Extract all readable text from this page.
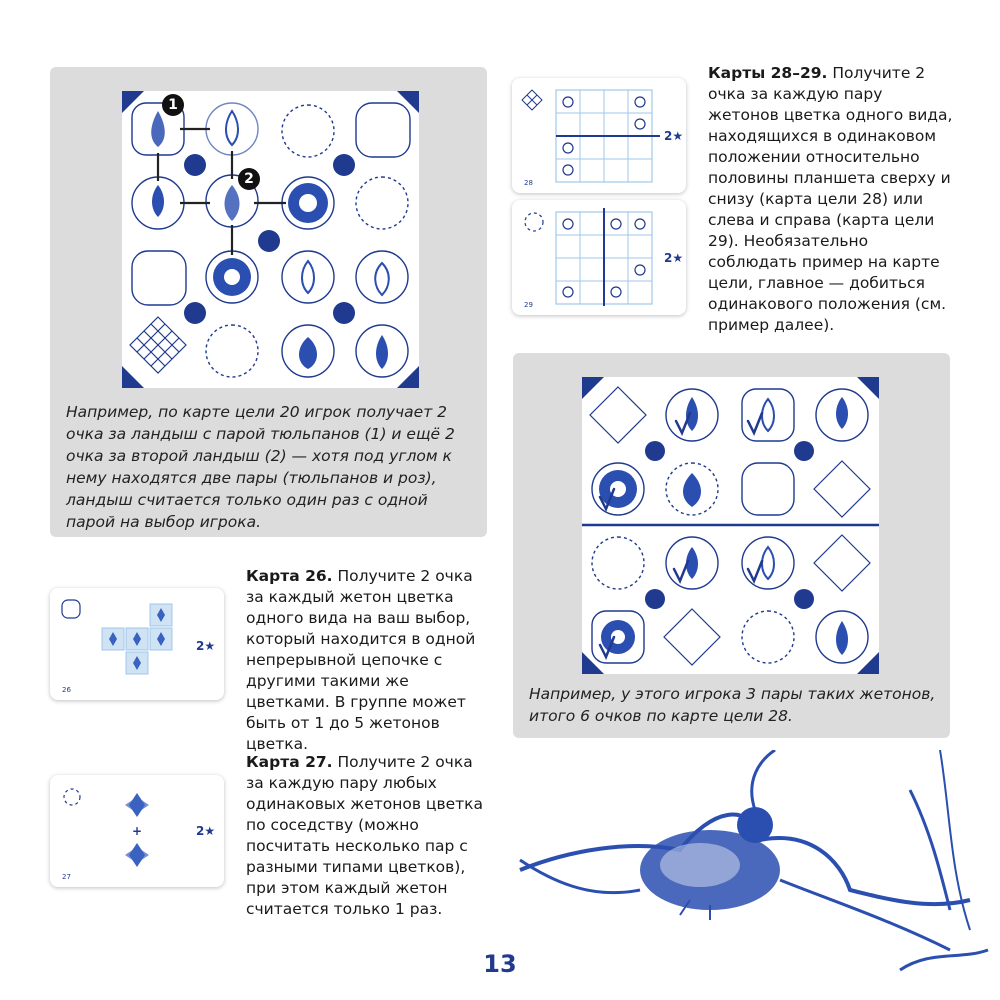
1
2
Например, по карте цели 20 игрок получает 2 очка за ландыш с парой тюльпанов (1) и ещё 2 очка за второй ландыш (2) — хотя под углом к нему находятся две пары (тюльпанов и роз), ландыш считается только один раз с одной парой на выбор игрока.
28
2★
29
2★
Карты 28–29. Получите 2 очка за каждую пару жетонов цветка одного вида, находящихся в одинаковом положении относительно половины планшета сверху и снизу (карта цели 28) или слева и справа (карта цели 29). Необязательно соблюдать пример на карте цели, главное — добиться одинакового положения (см. пример далее).
Например, у этого игрока 3 пары таких жетонов, итого 6 очков по карте цели 28.
26
2★
Карта 26. Получите 2 очка за каждый жетон цветка одного вида на ваш выбор, который находится в одной непрерывной цепочке с другими такими же цветками. В группе может быть от 1 до 5 жетонов цветка.
+
27
2★
Карта 27. Получите 2 очка за каждую пару любых одинаковых жетонов цветка по соседству (можно посчитать несколько пар с разными типами цветков), при этом каждый жетон считается только 1 раз.
13
